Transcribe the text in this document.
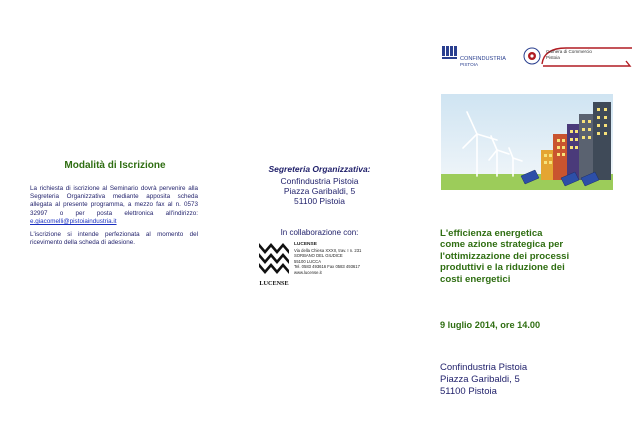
Modalità di Iscrizione

La richiesta di iscrizione al Seminario dovrà pervenire alla Segreteria Organizzativa mediante apposita scheda allegata al presente programma, a mezzo fax al n. 0573 32997 o per posta elettronica all'indirizzo: e.giacomelli@pistoiaindustria.it

L'iscrizione si intende perfezionata al momento del ricevimento della scheda di adesione.

Segreteria Organizzativa:
Confindustria Pistoia
Piazza Garibaldi, 5
51100 Pistoia
In collaborazione con:
LUCENSE
LUCENSE
Via della Chiesa XXXII, trav. I n. 231
SORBANO DEL GIUDICE
55100 LUCCA
Tel. 0583 493616 Fax 0583 493617
www.lucense.it
CONFINDUSTRIA
PISTOIA
Camera di Commercio
Pistoia
L'efficienza energetica
come azione strategica per
l'ottimizzazione dei processi
produttivi e la riduzione dei
costi energetici
9 luglio 2014, ore 14.00
Confindustria Pistoia
Piazza Garibaldi, 5
51100 Pistoia
